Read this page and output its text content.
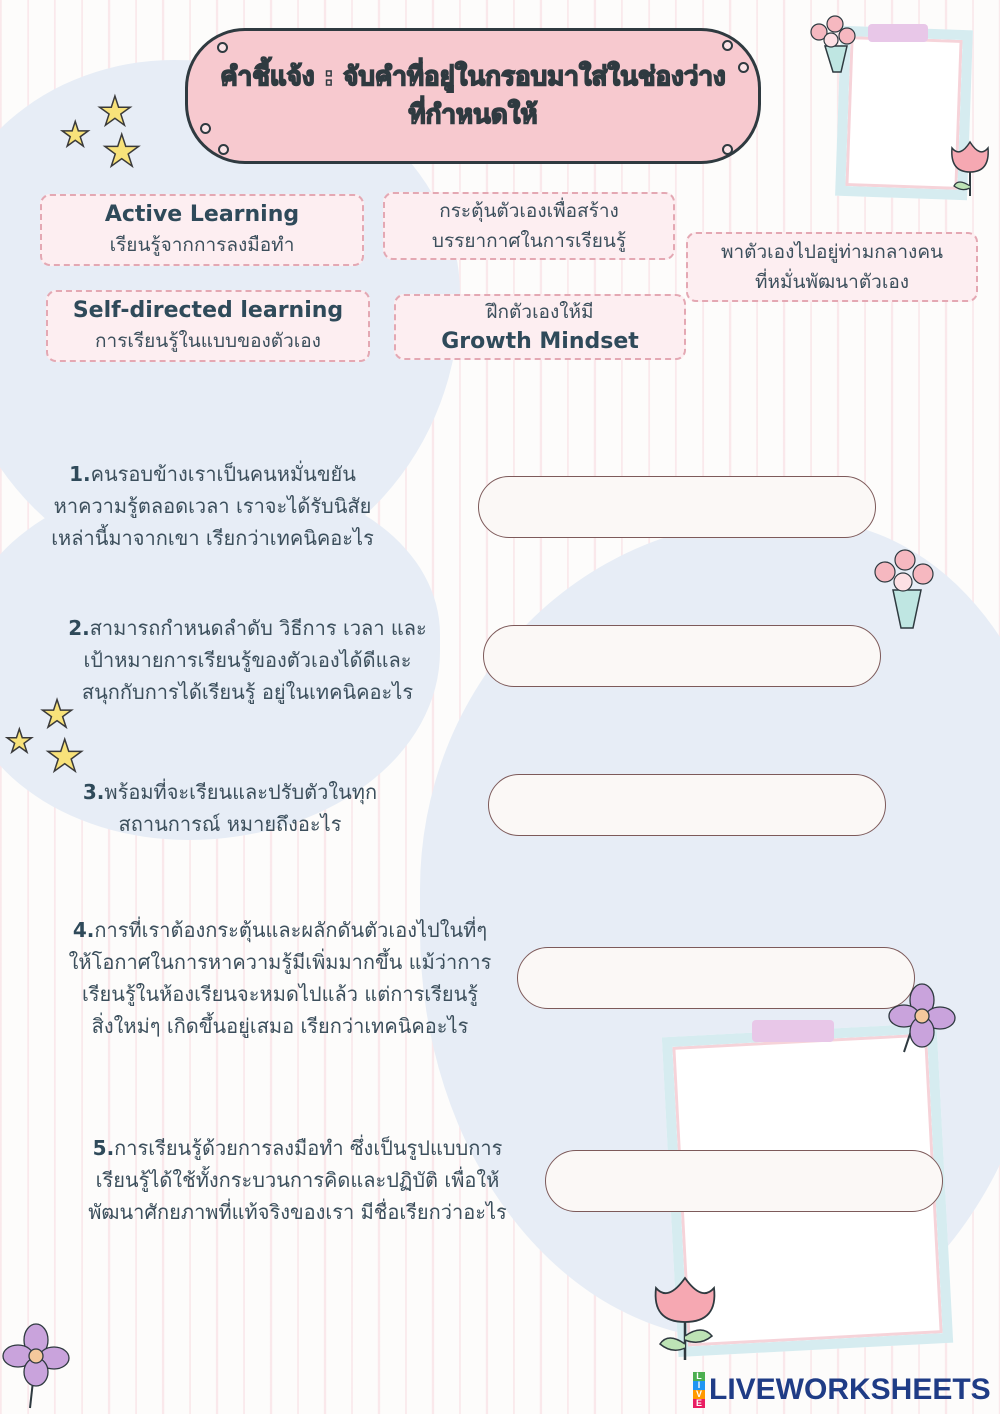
คำชี้แจ้ง : จับคำที่อยู่ในกรอบมาใส่ในช่องว่าง
ที่กำหนดให้
★
★ ★
★
★ ★
Active Learning
เรียนรู้จากการลงมือทำ
กระตุ้นตัวเองเพื่อสร้าง
บรรยากาศในการเรียนรู้	พาตัวเองไปอยู่ท่ามกลางคน
ที่หมั่นพัฒนาตัวเอง
Self-directed learning
การเรียนรู้ในแบบของตัวเอง
ฝึกตัวเองให้มี
Growth Mindset
1.คนรอบข้างเราเป็นคนหมั่นขยัน
หาความรู้ตลอดเวลา เราจะได้รับนิสัย
เหล่านี้มาจากเขา เรียกว่าเทคนิคอะไร
2.สามารถกำหนดลำดับ วิธีการ เวลา และ
เป้าหมายการเรียนรู้ของตัวเองได้ดีและ
สนุกกับการได้เรียนรู้ อยู่ในเทคนิคอะไร
3.พร้อมที่จะเรียนและปรับตัวในทุก
สถานการณ์ หมายถึงอะไร
4.การที่เราต้องกระตุ้นและผลักดันตัวเองไปในที่ๆ
ให้โอกาศในการหาความรู้มีเพิ่มมากขึ้น แม้ว่าการ
เรียนรู้ในห้องเรียนจะหมดไปแล้ว แต่การเรียนรู้
สิ่งใหม่ๆ เกิดขึ้นอยู่เสมอ เรียกว่าเทคนิคอะไร
5.การเรียนรู้ด้วยการลงมือทำ ซึ่งเป็นรูปแบบการ
เรียนรู้ได้ใช้ทั้งกระบวนการคิดและปฏิบัติ เพื่อให้
พัฒนาศักยภาพที่แท้จริงของเรา มีชื่อเรียกว่าอะไร
L
I
V
E LIVEWORKSHEETS
